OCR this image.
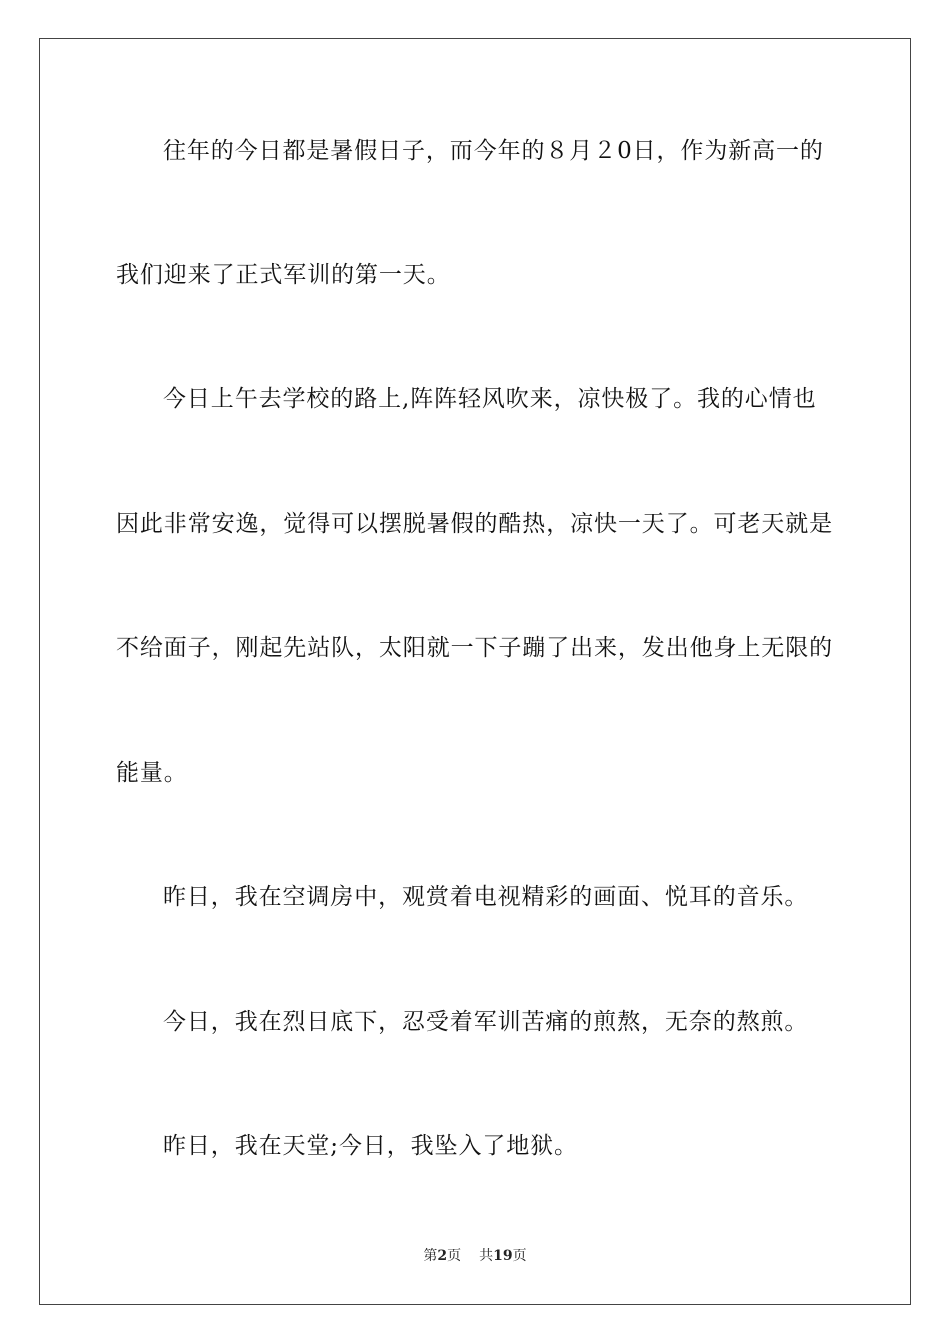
往年的今日都是暑假日子，而今年的８月２0日，作为新高一的
我们迎来了正式军训的第一天。
今日上午去学校的路上,阵阵轻风吹来，凉快极了。我的心情也
因此非常安逸，觉得可以摆脱暑假的酷热，凉快一天了。可老天就是
不给面子，刚起先站队，太阳就一下子蹦了出来，发出他身上无限的
能量。
昨日，我在空调房中，观赏着电视精彩的画面、悦耳的音乐。
今日，我在烈日底下，忍受着军训苦痛的煎熬，无奈的熬煎。
昨日，我在天堂;今日，我坠入了地狱。
第2页 共19页
